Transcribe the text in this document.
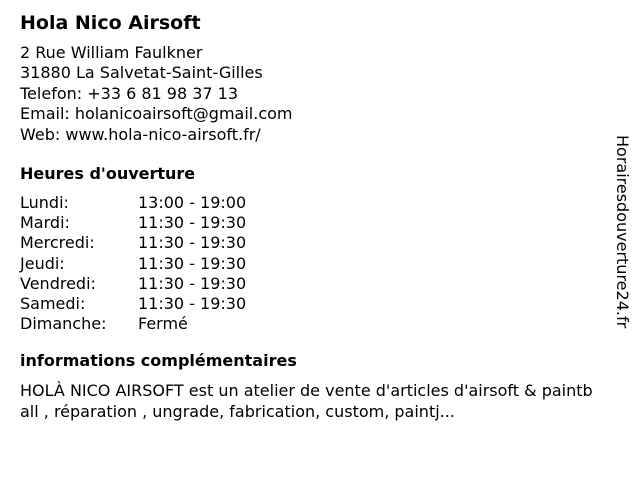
Hola Nico Airsoft
2 Rue William Faulkner
31880 La Salvetat-Saint-Gilles
Telefon: +33 6 81 98 37 13
Email: holanicoairsoft@gmail.com
Web: www.hola-nico-airsoft.fr/
Heures d'ouverture
Lundi:	13:00 - 19:00
Mardi:	11:30 - 19:30
Mercredi:	11:30 - 19:30
Jeudi:	11:30 - 19:30
Vendredi:	11:30 - 19:30
Samedi:	11:30 - 19:30
Dimanche:	Fermé
informations complémentaires
HOLÀ NICO AIRSOFT est un atelier de vente d'articles d'airsoft & paintball , réparation , ungrade, fabrication, custom, paintj...
Horairesdouverture24.fr
